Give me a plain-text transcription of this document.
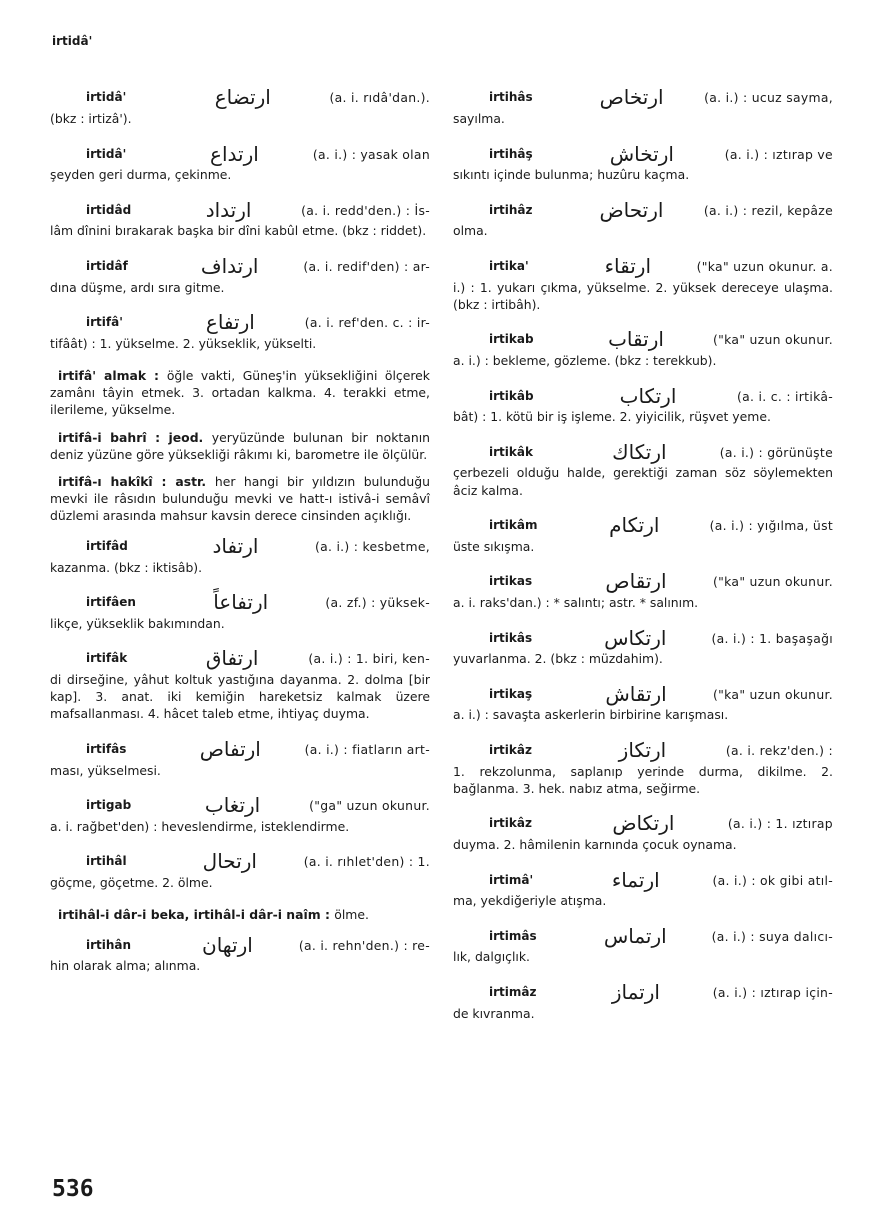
irtidâ'
irtidâ'	ارتضاع	(a. i. rıdâ'dan.).
(bkz : irtizâ').
irtidâ'	ارتداع	(a. i.) : yasak olan
şeyden geri durma, çekinme.
irtidâd	ارتداد	(a. i. redd'den.) : İs-
lâm dînini bırakarak başka bir dîni kabûl etme. (bkz : riddet).
irtidâf	ارتداف	(a. i. redif'den) : ar-
dına düşme, ardı sıra gitme.
irtifâ'	ارتفاع	(a. i. ref'den. c. : ir-
tifâât) : 1. yükselme. 2. yükseklik, yükselti.
irtifâ' almak : öğle vakti, Güneş'in yüksekliğini ölçerek zamânı tâyin etmek. 3. ortadan kalkma. 4. terakki etme, ilerileme, yükselme.
irtifâ-i bahrî : jeod. yeryüzünde bulunan bir noktanın deniz yüzüne göre yüksekliği râkımı ki, barometre ile ölçülür.
irtifâ-ı hakîkî : astr. her hangi bir yıldızın bulunduğu mevki ile râsıdın bulunduğu mevki ve hatt-ı istivâ-i semâvî düzlemi arasında mahsur kavsin derece cinsinden açıklığı.
irtifâd	ارتفاد	(a. i.) : kesbetme,
kazanma. (bkz : iktisâb).
irtifâen	ارتفاعاً	(a. zf.) : yüksek-
likçe, yükseklik bakımından.
irtifâk	ارتفاق	(a. i.) : 1. biri, ken-
di dirseğine, yâhut koltuk yastığına dayanma. 2. dolma [bir kap]. 3. anat. iki kemiğin hareketsiz kalmak üzere mafsallanması. 4. hâcet taleb etme, ihtiyaç duyma.
irtifâs	ارتفاص	(a. i.) : fiatların art-
ması, yükselmesi.
irtigab	ارتغاب	("ga" uzun okunur.
a. i. rağbet'den) : heveslendirme, isteklendirme.
irtihâl	ارتحال	(a. i. rıhlet'den) : 1.
göçme, göçetme. 2. ölme.
irtihâl-i dâr-i beka, irtihâl-i dâr-i naîm : ölme.
irtihân	ارتهان	(a. i. rehn'den.) : re-
hin olarak alma; alınma.
irtihâs	ارتخاص	(a. i.) : ucuz sayma,
sayılma.
irtihâş	ارتخاش	(a. i.) : ıztırap ve
sıkıntı içinde bulunma; huzûru kaçma.
irtihâz	ارتحاض	(a. i.) : rezil, kepâze
olma.
irtika'	ارتقاء	("ka" uzun okunur. a.
i.) : 1. yukarı çıkma, yükselme. 2. yüksek dereceye ulaşma. (bkz : irtibâh).
irtikab	ارتقاب	("ka" uzun okunur.
a. i.) : bekleme, gözleme. (bkz : terekkub).
irtikâb	ارتکاب	(a. i. c. : irtikâ-
bât) : 1. kötü bir iş işleme. 2. yiyicilik, rüşvet yeme.
irtikâk	ارتکاك	(a. i.) : görünüşte
çerbezeli olduğu halde, gerektiği zaman söz söylemekten âciz kalma.
irtikâm	ارتکام	(a. i.) : yığılma, üst
üste sıkışma.
irtikas	ارتقاص	("ka" uzun okunur.
a. i. raks'dan.) : * salıntı; astr. * salınım.
irtikâs	ارتکاس	(a. i.) : 1. başaşağı
yuvarlanma. 2. (bkz : müzdahim).
irtikaş	ارتقاش	("ka" uzun okunur.
a. i.) : savaşta askerlerin birbirine karışması.
irtikâz	ارتکاز	(a. i. rekz'den.) :
1. rekzolunma, saplanıp yerinde durma, dikilme. 2. bağlanma. 3. hek. nabız atma, seğirme.
irtikâz	ارتکاض	(a. i.) : 1. ıztırap
duyma. 2. hâmilenin karnında çocuk oynama.
irtimâ'	ارتماء	(a. i.) : ok gibi atıl-
ma, yekdiğeriyle atışma.
irtimâs	ارتماس	(a. i.) : suya dalıcı-
lık, dalgıçlık.
irtimâz	ارتماز	(a. i.) : ıztırap için-
de kıvranma.
536
